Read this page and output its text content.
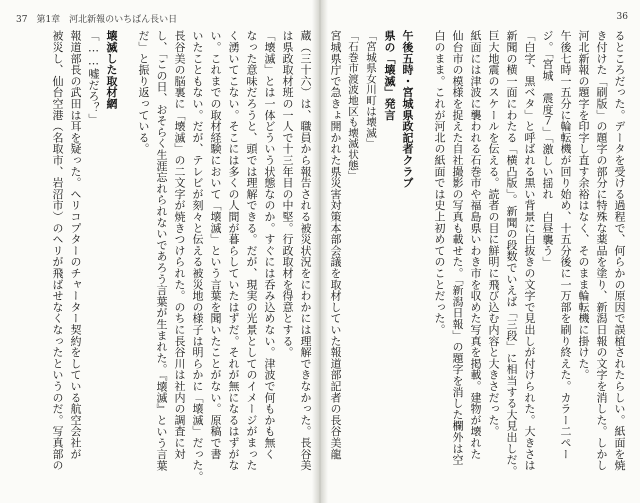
37　第1章　河北新報のいちばん長い日
蔵（三十六）は、職員から報告される被災状況をにわかには理解できなかった。長谷美
は県政取材班の一人で十三年目の中堅。行政取材を得意とする。
「壊滅」とは一体どういう状態なのか。すぐには呑み込めない。津波で何もかも無く
なった意味だろうと、頭では理解できる。だが、現実の光景としてのイメージがまった
く湧いてこない。そこには多くの人間が暮らしていたはずだ。それが無になるはずがな
い。これまでの取材経験において「壊滅」という言葉を聞いたことがない。原稿で書
いたこともない。だが、テレビが刻々と伝える被災地の様子は明らかに「壊滅」だった。
長谷美の脳裏に「壊滅」の二文字が焼きつけられた。のちに長谷川は社内の調査に対
し、「この日、おそらく生涯忘れられないであろう言葉が生まれた。『壊滅』という言葉
だ」と振り返っている。
壊滅した取材網
「……嘘だろ？」
報道部長の武田は耳を疑った。ヘリコプターのチャーター契約をしている航空会社が
被災し、仙台空港（名取市、岩沼市）のヘリが飛ばせなくなったというのだ。写真部の
36
るところだった。データを受ける過程で、何らかの原因で誤植されたらしい。紙面を焼
き付けた「刷版」の題字の部分に特殊な薬品を塗り、新潟日報の文字を消した。しかし
河北新報の題字を印字し直す余裕はなく、そのまま輪転機に掛けた。
午後七時一五分に輪転機が回り始め、十五分後に一万部を刷り終えた。カラー二ペー
ジ。「宮城　震度７」「激しい揺れ　白昼襲う」
「白字、黒ベタ」と呼ばれる黒い背景に白抜きの文字で見出しが付けられた。大きさは
新聞の横一面にわたる「横凸版」。新聞の段数でいえば「三段」に相当する大見出しだ。
巨大地震のスケールを伝える。読者の目に鮮明に飛び込む内容と大きさだった。
紙面には津波に襲われる石巻市や福島県いわき市を収めた写真を掲載。建物が壊れた
仙台市の模様を捉えた自社撮影の写真も載せた。「新潟日報」の題字を消した欄外は空
白のまま。これが河北の紙面では史上初めてのことだった。
午後五時・宮城県政記者クラブ
県の「壊滅」発言
「宮城県女川町は壊滅」
「石巻市渡波地区も壊滅状態」
宮城県庁で急きょ開かれた県災害対策本部会議を取材していた報道部記者の長谷美龍
